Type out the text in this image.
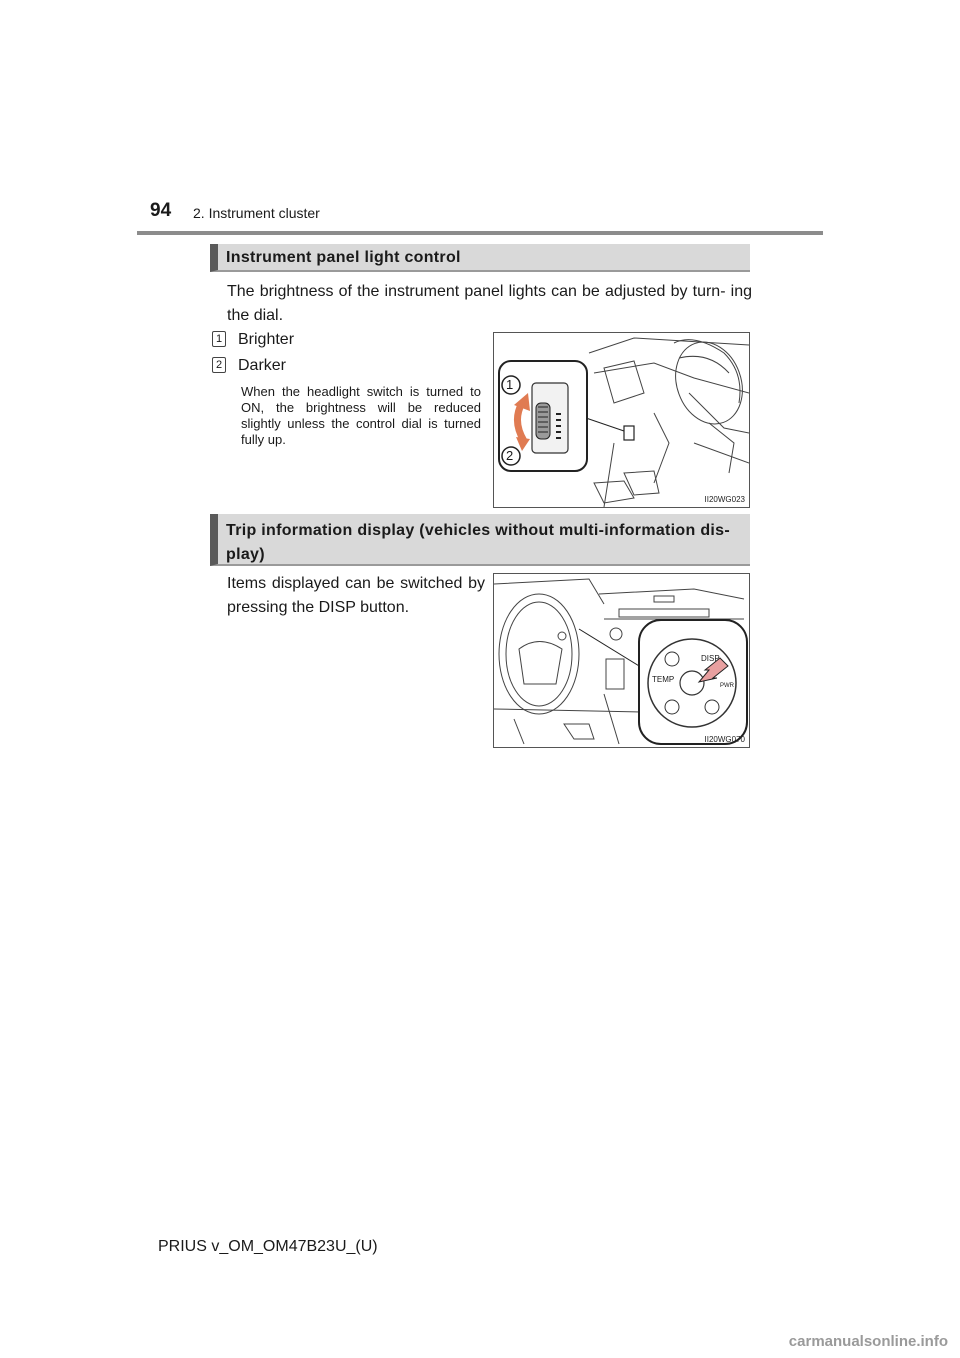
94 2. Instrument cluster
Instrument panel light control
The brightness of the instrument panel lights can be adjusted by turn- ing the dial.
1 Brighter
2 Darker
When the headlight switch is turned to ON, the brightness will be reduced slightly unless the control dial is turned fully up.
1
2
II20WG023
Trip information display (vehicles without multi-information dis- play)
Items displayed can be switched by pressing the DISP button.
DISP
TEMP
PWR
II20WG070
PRIUS v_OM_OM47B23U_(U)
carmanualsonline.info
